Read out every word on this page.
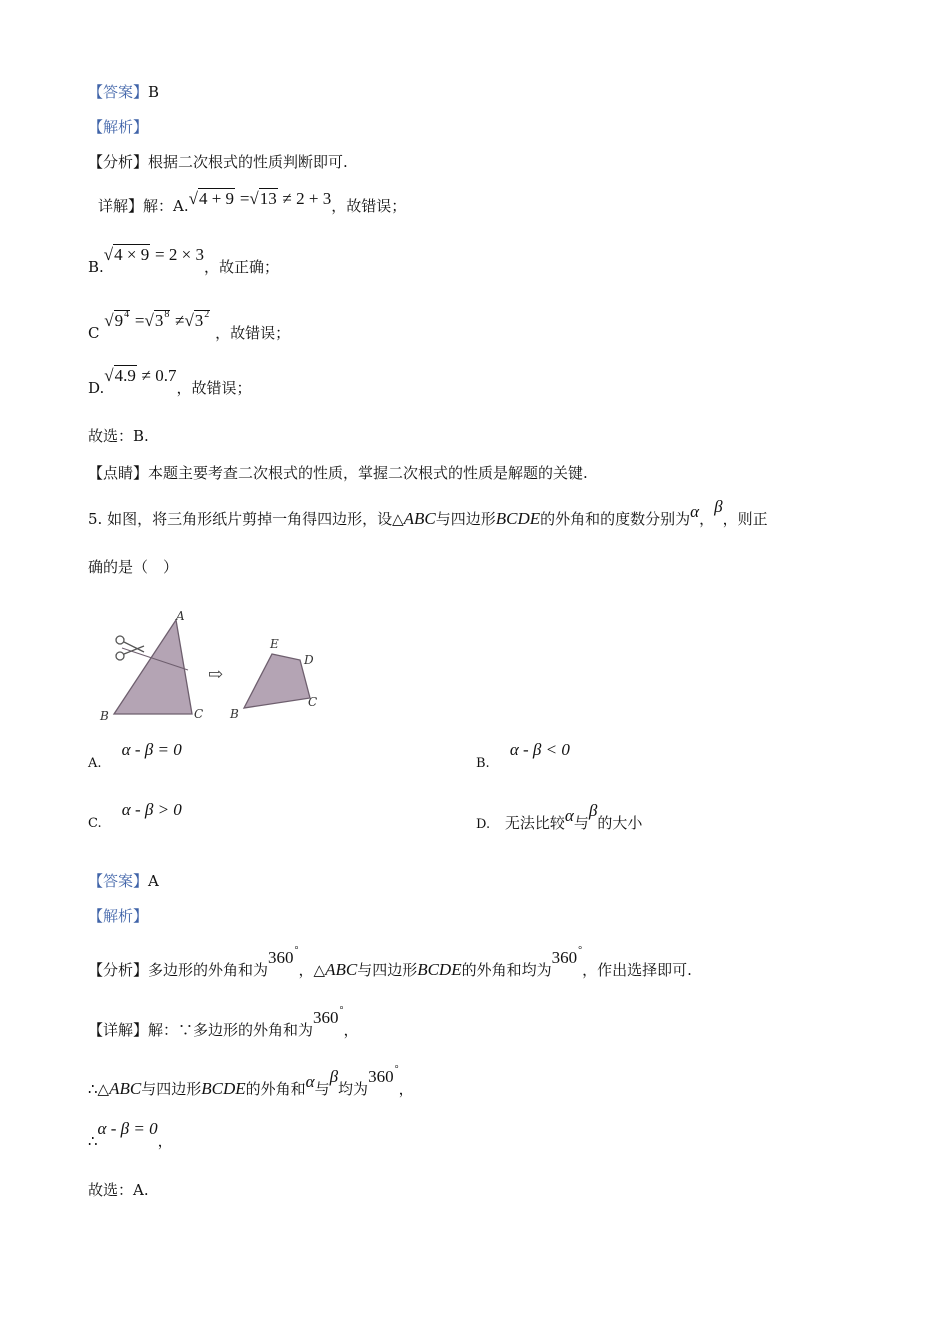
【答案】B
【解析】
【分析】根据二次根式的性质判断即可.
详解】解：A.√4 + 9 =√13 ≠ 2 + 3，故错误；
B.√4 × 9 = 2 × 3，故正确；
C $√9^4 =√3^8 \ne√3^2$ ，故错误；
D.√4.9 ≠ 0.7，故错误；
故选：B.
【点睛】本题主要考查二次根式的性质，掌握二次根式的性质是解题的关键.
5. 如图，将三角形纸片剪掉一角得四边形，设△ABC与四边形BCDE的外角和的度数分别为α，β，则正
确的是（　）
A
B	C
⇨
E
D
B
C
A. α - β = 0
B. α - β < 0
C. α - β > 0
D. 无法比较α与β的大小
【答案】A
【解析】
【分析】多边形的外角和为360°，△ABC与四边形BCDE的外角和均为360°，作出选择即可.
【详解】解：∵多边形的外角和为360°，
∴△ABC与四边形BCDE的外角和α与β均为360°，
∴α - β = 0，
故选：A.
